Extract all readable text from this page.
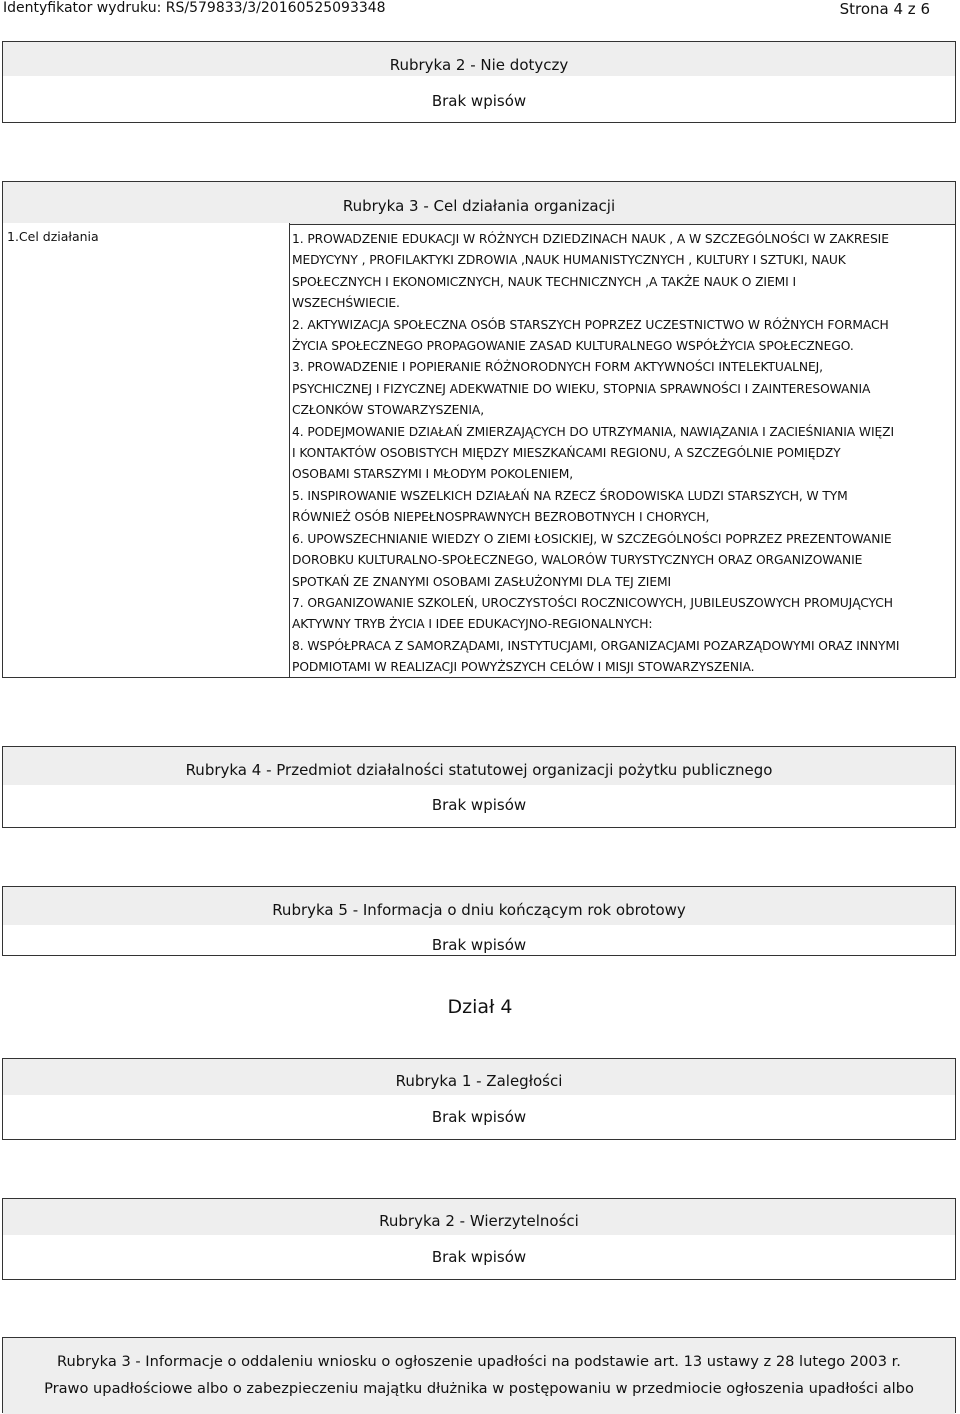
Identyfikator wydruku: RS/579833/3/20160525093348	Strona 4 z 6
Rubryka 2 - Nie dotyczy
Brak wpisów
Rubryka 3 - Cel działania organizacji
1.Cel działania	1. PROWADZENIE EDUKACJI W RÓŻNYCH DZIEDZINACH NAUK , A W SZCZEGÓLNOŚCI W ZAKRESIE

MEDYCYNY , PROFILAKTYKI ZDROWIA ,NAUK HUMANISTYCZNYCH , KULTURY I SZTUKI, NAUK

SPOŁECZNYCH I EKONOMICZNYCH, NAUK TECHNICZNYCH ,A TAKŻE NAUK O ZIEMI I

WSZECHŚWIECIE.

2. AKTYWIZACJA SPOŁECZNA OSÓB STARSZYCH POPRZEZ UCZESTNICTWO W RÓŻNYCH FORMACH

ŻYCIA SPOŁECZNEGO PROPAGOWANIE ZASAD KULTURALNEGO WSPÓŁŻYCIA SPOŁECZNEGO.

3. PROWADZENIE I POPIERANIE RÓŻNORODNYCH FORM AKTYWNOŚCI INTELEKTUALNEJ,

PSYCHICZNEJ I FIZYCZNEJ ADEKWATNIE DO WIEKU, STOPNIA SPRAWNOŚCI I ZAINTERESOWANIA

CZŁONKÓW STOWARZYSZENIA,

4. PODEJMOWANIE DZIAŁAŃ ZMIERZAJĄCYCH DO UTRZYMANIA, NAWIĄZANIA I ZACIEŚNIANIA WIĘZI

I KONTAKTÓW OSOBISTYCH MIĘDZY MIESZKAŃCAMI REGIONU, A SZCZEGÓLNIE POMIĘDZY

OSOBAMI STARSZYMI I MŁODYM POKOLENIEM,

5. INSPIROWANIE WSZELKICH DZIAŁAŃ NA RZECZ ŚRODOWISKA LUDZI STARSZYCH, W TYM

RÓWNIEŻ OSÓB NIEPEŁNOSPRAWNYCH BEZROBOTNYCH I CHORYCH,

6. UPOWSZECHNIANIE WIEDZY O ZIEMI ŁOSICKIEJ, W SZCZEGÓLNOŚCI POPRZEZ PREZENTOWANIE

DOROBKU KULTURALNO-SPOŁECZNEGO, WALORÓW TURYSTYCZNYCH ORAZ ORGANIZOWANIE

SPOTKAŃ ZE ZNANYMI OSOBAMI ZASŁUŻONYMI DLA TEJ ZIEMI

7. ORGANIZOWANIE SZKOLEŃ, UROCZYSTOŚCI ROCZNICOWYCH, JUBILEUSZOWYCH PROMUJĄCYCH

AKTYWNY TRYB ŻYCIA I IDEE EDUKACYJNO-REGIONALNYCH:

8. WSPÓŁPRACA Z SAMORZĄDAMI, INSTYTUCJAMI, ORGANIZACJAMI POZARZĄDOWYMI ORAZ INNYMI

PODMIOTAMI W REALIZACJI POWYŻSZYCH CELÓW I MISJI STOWARZYSZENIA.

Rubryka 4 - Przedmiot działalności statutowej organizacji pożytku publicznego
Brak wpisów
Rubryka 5 - Informacja o dniu kończącym rok obrotowy
Brak wpisów
Dział 4
Rubryka 1 - Zaległości
Brak wpisów
Rubryka 2 - Wierzytelności
Brak wpisów
Rubryka 3 - Informacje o oddaleniu wniosku o ogłoszenie upadłości na podstawie art. 13 ustawy z 28 lutego 2003 r.
Prawo upadłościowe albo o zabezpieczeniu majątku dłużnika w postępowaniu w przedmiocie ogłoszenia upadłości albo
